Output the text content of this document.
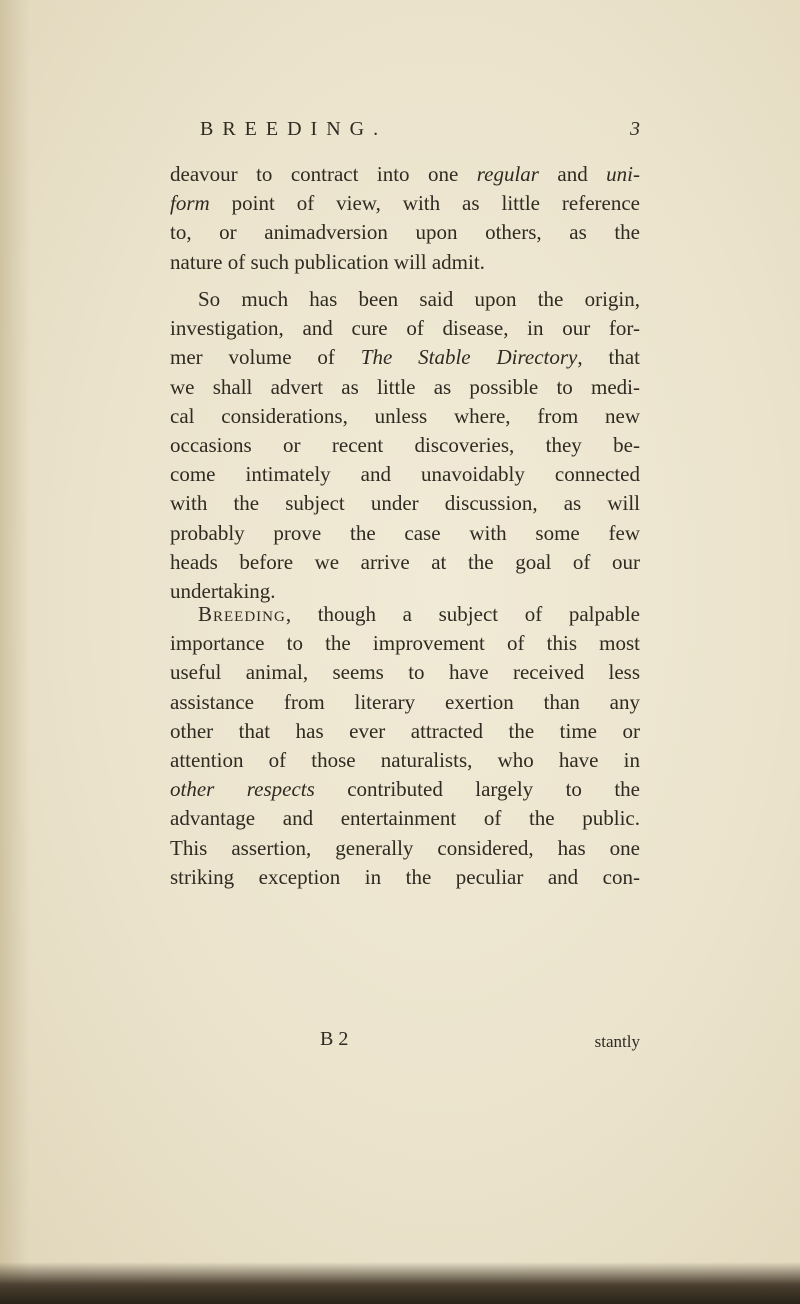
BREEDING.	3
deavour to contract into one regular and uni-
form point of view, with as little reference
to, or animadversion upon others, as the
nature of such publication will admit.
So much has been said upon the origin,
investigation, and cure of disease, in our for-
mer volume of The Stable Directory, that
we shall advert as little as possible to medi-
cal considerations, unless where, from new
occasions or recent discoveries, they be-
come intimately and unavoidably connected
with the subject under discussion, as will
probably prove the case with some few
heads before we arrive at the goal of our
undertaking.
Breeding, though a subject of palpable
importance to the improvement of this most
useful animal, seems to have received less
assistance from literary exertion than any
other that has ever attracted the time or
attention of those naturalists, who have in
other respects contributed largely to the
advantage and entertainment of the public.
This assertion, generally considered, has one
striking exception in the peculiar and con-
B 2	stantly
